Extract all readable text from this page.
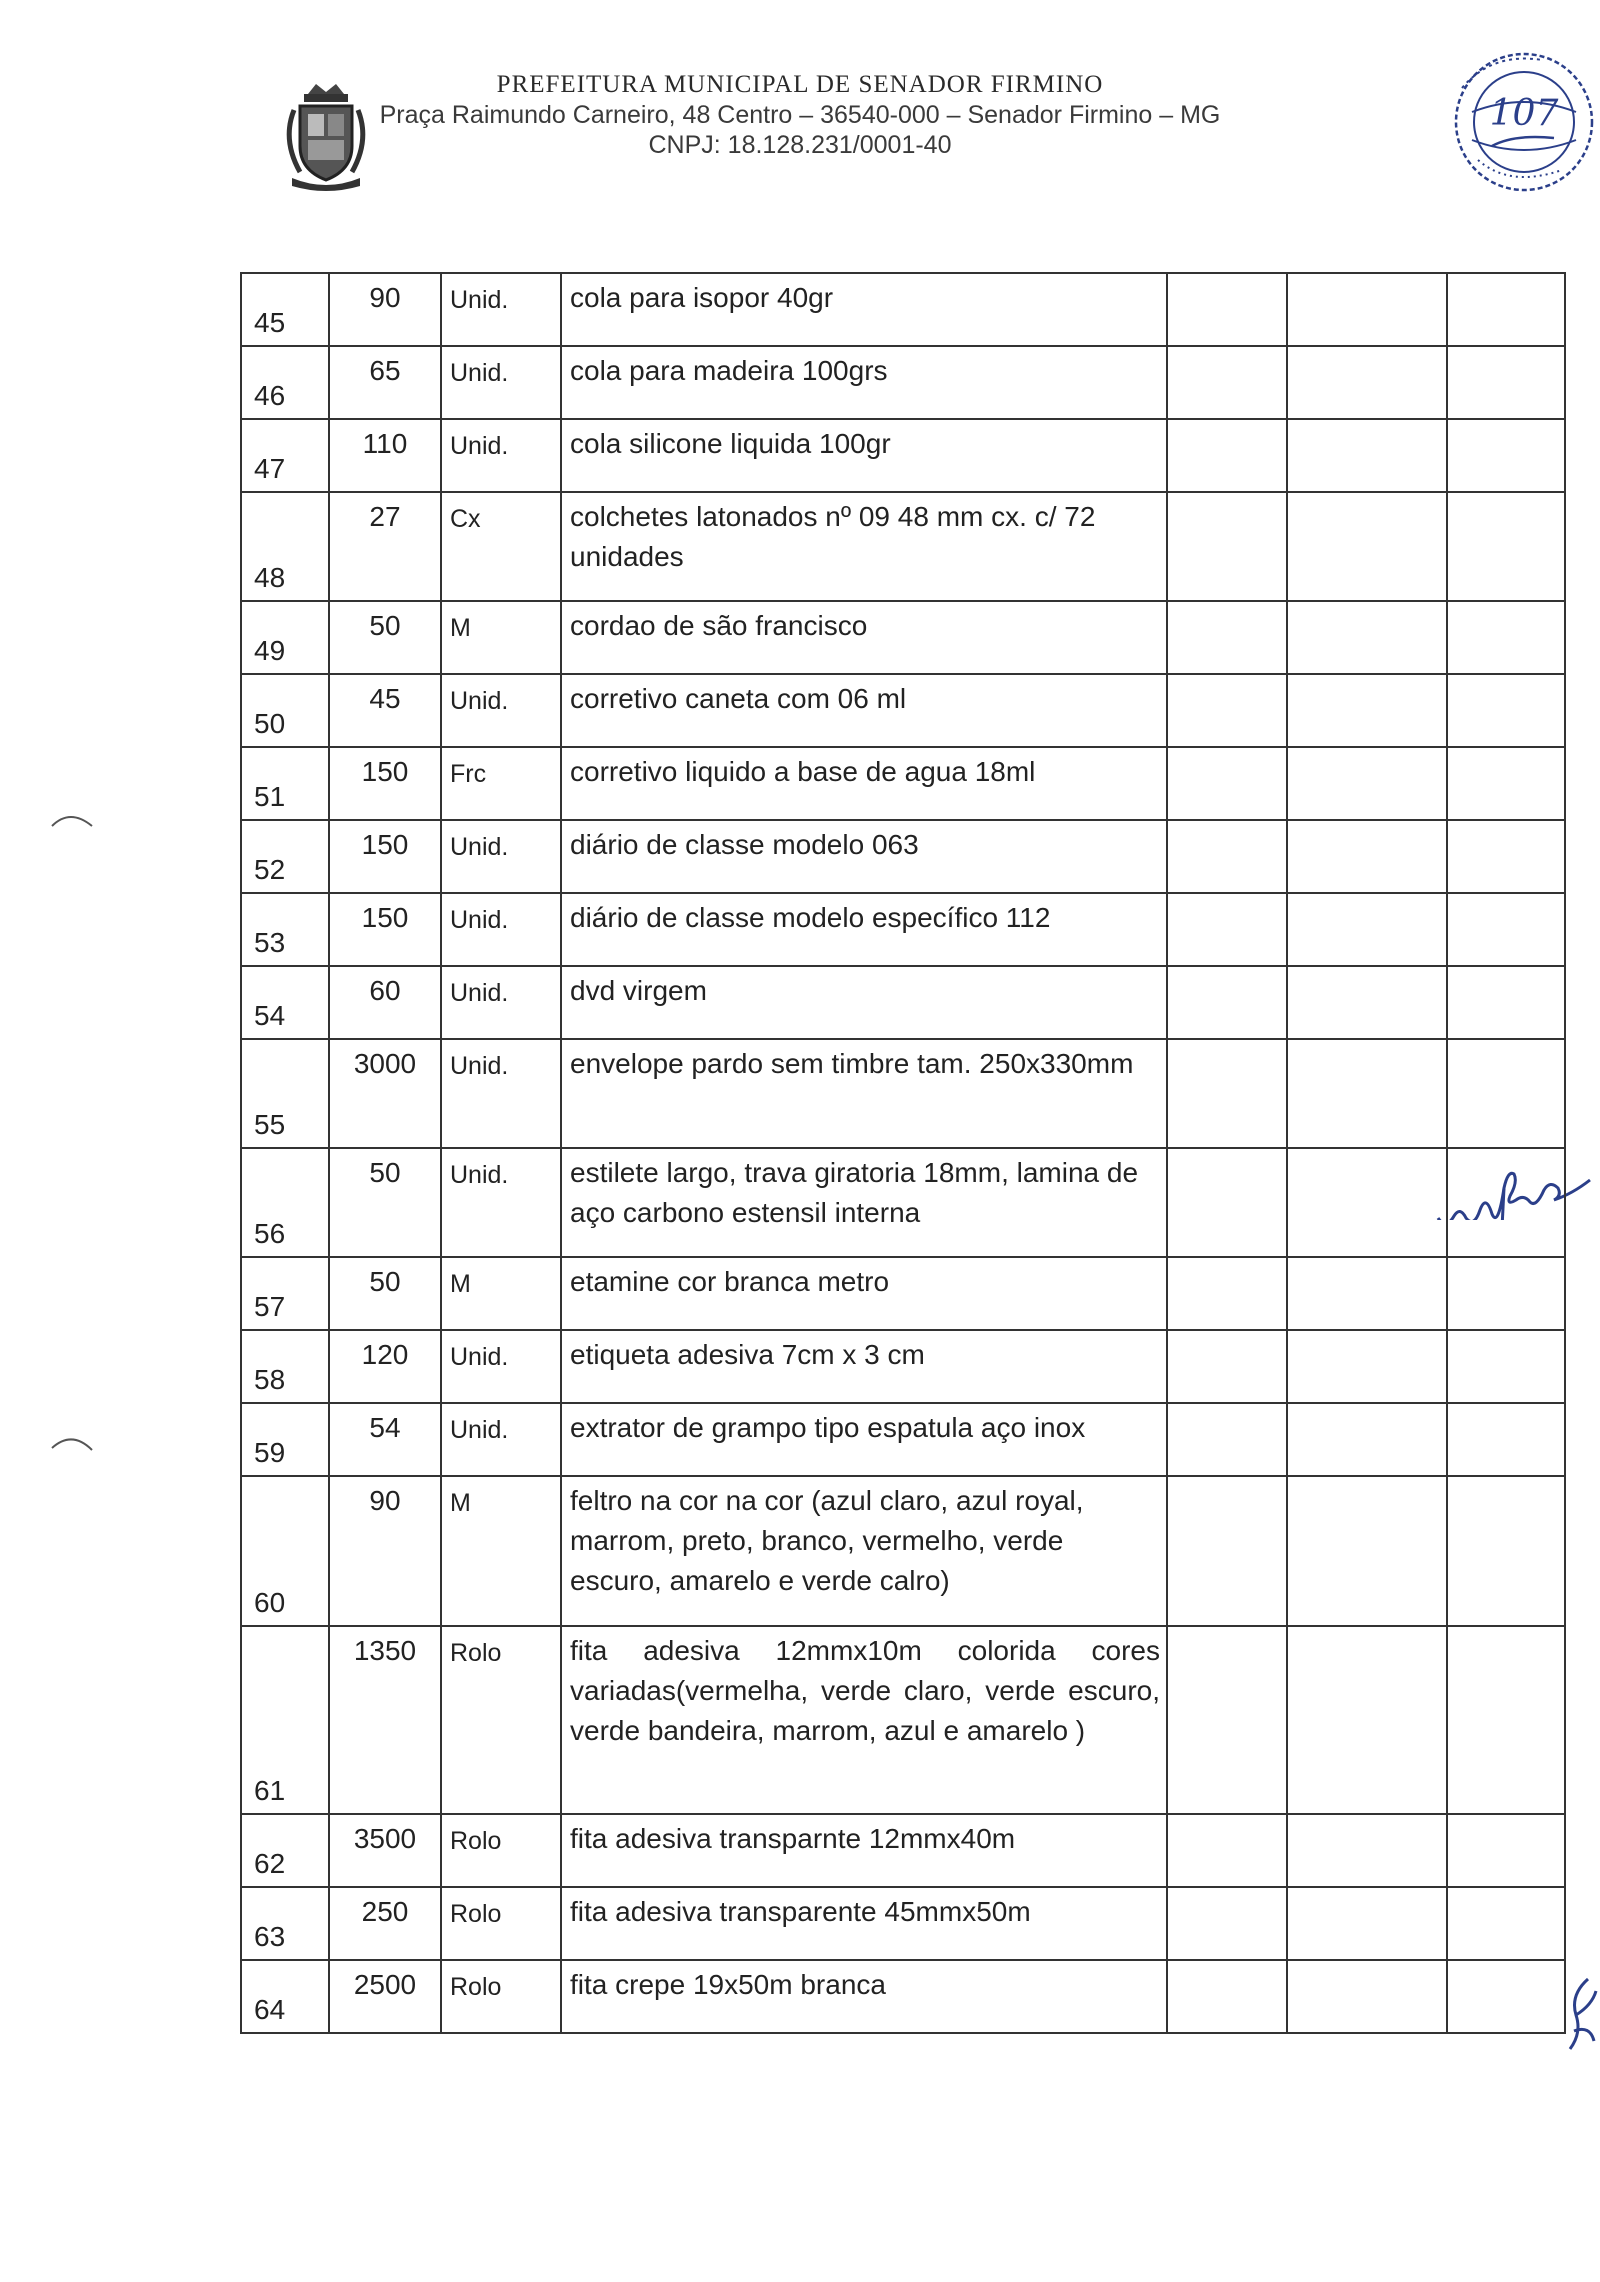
PREFEITURA MUNICIPAL DE SENADOR FIRMINO
Praça Raimundo Carneiro, 48 Centro – 36540-000 – Senador Firmino – MG
CNPJ: 18.128.231/0001-40
107
45	90	Unid.	cola para isopor 40gr			
46	65	Unid.	cola para madeira 100grs			
47	110	Unid.	cola silicone liquida 100gr			
48	27	Cx	colchetes latonados nº 09 48 mm cx. c/ 72 unidades			
49	50	M	cordao de são francisco			
50	45	Unid.	corretivo caneta com 06 ml			
51	150	Frc	corretivo liquido a base de agua 18ml			
52	150	Unid.	diário de classe modelo 063			
53	150	Unid.	diário de classe modelo específico 112			
54	60	Unid.	dvd virgem			
55	3000	Unid.	envelope pardo sem timbre tam. 250x330mm			
56	50	Unid.	estilete largo, trava giratoria 18mm, lamina de aço carbono estensil interna			
57	50	M	etamine cor branca metro			
58	120	Unid.	etiqueta adesiva 7cm x 3 cm			
59	54	Unid.	extrator de grampo tipo espatula aço inox			
60	90	M	feltro na cor na cor (azul claro, azul royal, marrom, preto, branco, vermelho, verde escuro, amarelo e verde calro)			
61	1350	Rolo	fita adesiva 12mmx10m colorida cores variadas(vermelha, verde claro, verde escuro, verde bandeira, marrom, azul e amarelo )			
62	3500	Rolo	fita adesiva transparnte 12mmx40m			
63	250	Rolo	fita adesiva transparente 45mmx50m			
64	2500	Rolo	fita crepe 19x50m branca			
